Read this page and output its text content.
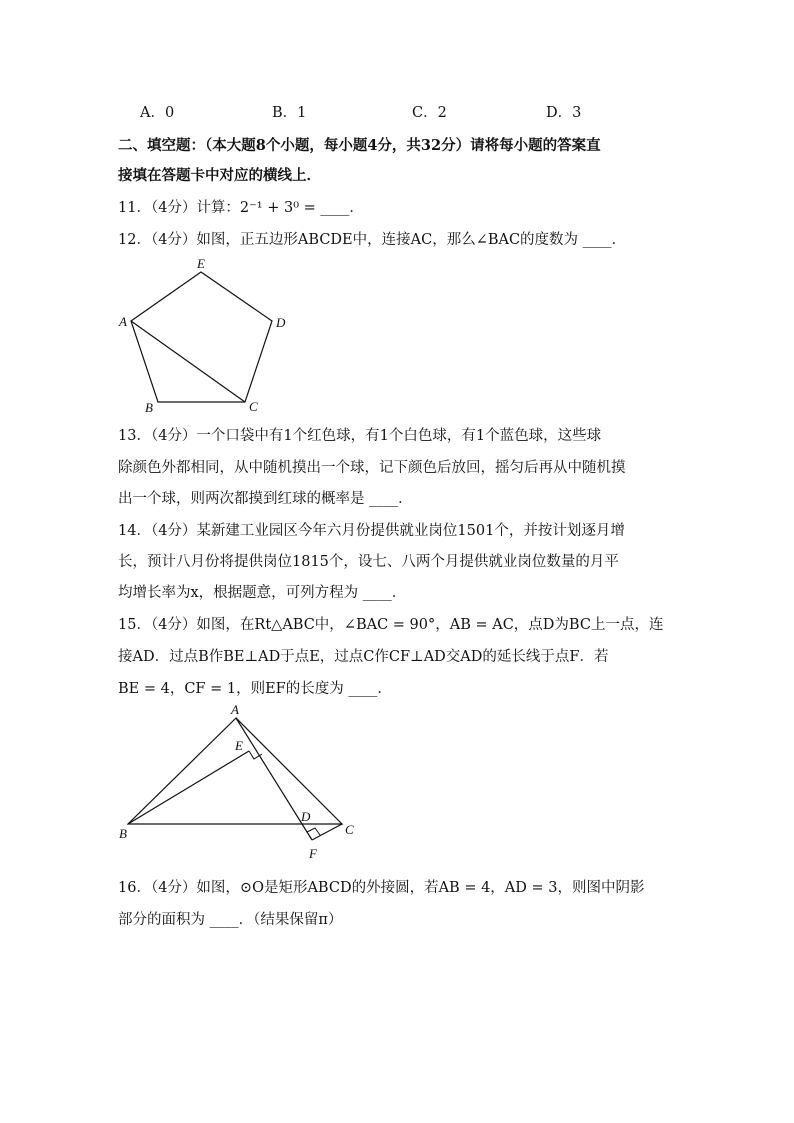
A．0	B．1	C．2	D．3
二、填空题：（本大题8个小题，每小题4分，共32分）请将每小题的答案直
接填在答题卡中对应的横线上．
11．（4分）计算：2⁻¹ + 3⁰ = ____．
12．（4分）如图，正五边形ABCDE中，连接AC，那么∠BAC的度数为 ____．
E
A	D
B	C
13．（4分）一个口袋中有1个红色球，有1个白色球，有1个蓝色球，这些球
除颜色外都相同，从中随机摸出一个球，记下颜色后放回，摇匀后再从中随机摸
出一个球，则两次都摸到红球的概率是 ____．
14．（4分）某新建工业园区今年六月份提供就业岗位1501个，并按计划逐月增
长，预计八月份将提供岗位1815个，设七、八两个月提供就业岗位数量的月平
均增长率为x，根据题意，可列方程为 ____．
15．（4分）如图，在Rt△ABC中，∠BAC = 90°，AB = AC，点D为BC上一点，连
接AD．过点B作BE⊥AD于点E，过点C作CF⊥AD交AD的延长线于点F．若
BE = 4，CF = 1，则EF的长度为 ____．
A
E
B
D
C
F
16．（4分）如图，⊙O是矩形ABCD的外接圆，若AB = 4，AD = 3，则图中阴影
部分的面积为 ____．（结果保留π）
